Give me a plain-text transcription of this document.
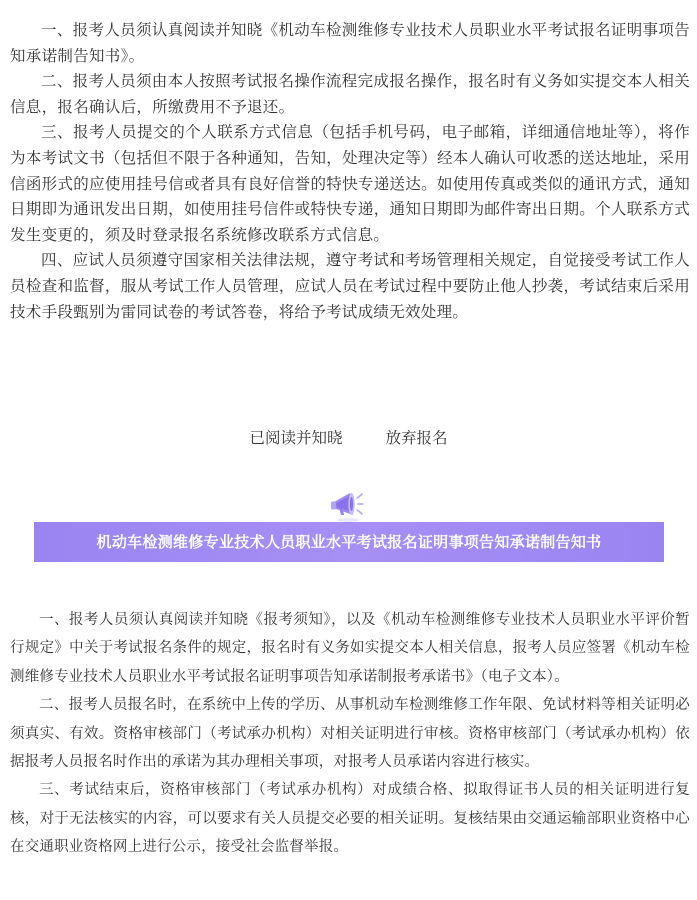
一、报考人员须认真阅读并知晓《机动车检测维修专业技术人员职业水平考试报名证明事项告知承诺制告知书》。

二、报考人员须由本人按照考试报名操作流程完成报名操作，报名时有义务如实提交本人相关信息，报名确认后，所缴费用不予退还。

三、报考人员提交的个人联系方式信息（包括手机号码，电子邮箱，详细通信地址等），将作为本考试文书（包括但不限于各种通知，告知，处理决定等）经本人确认可收悉的送达地址，采用信函形式的应使用挂号信或者具有良好信誉的特快专递送达。如使用传真或类似的通讯方式，通知日期即为通讯发出日期，如使用挂号信件或特快专递，通知日期即为邮件寄出日期。个人联系方式发生变更的，须及时登录报名系统修改联系方式信息。

四、应试人员须遵守国家相关法律法规，遵守考试和考场管理相关规定，自觉接受考试工作人员检查和监督，服从考试工作人员管理，应试人员在考试过程中要防止他人抄袭，考试结束后采用技术手段甄别为雷同试卷的考试答卷，将给予考试成绩无效处理。

已阅读并知晓	放弃报名
机动车检测维修专业技术人员职业水平考试报名证明事项告知承诺制告知书

一、报考人员须认真阅读并知晓《报考须知》，以及《机动车检测维修专业技术人员职业水平评价暂行规定》中关于考试报名条件的规定，报名时有义务如实提交本人相关信息，报考人员应签署《机动车检测维修专业技术人员职业水平考试报名证明事项告知承诺制报考承诺书》（电子文本）。

二、报考人员报名时，在系统中上传的学历、从事机动车检测维修工作年限、免试材料等相关证明必须真实、有效。资格审核部门（考试承办机构）对相关证明进行审核。资格审核部门（考试承办机构）依据报考人员报名时作出的承诺为其办理相关事项，对报考人员承诺内容进行核实。

三、考试结束后，资格审核部门（考试承办机构）对成绩合格、拟取得证书人员的相关证明进行复核，对于无法核实的内容，可以要求有关人员提交必要的相关证明。复核结果由交通运输部职业资格中心在交通职业资格网上进行公示，接受社会监督举报。
